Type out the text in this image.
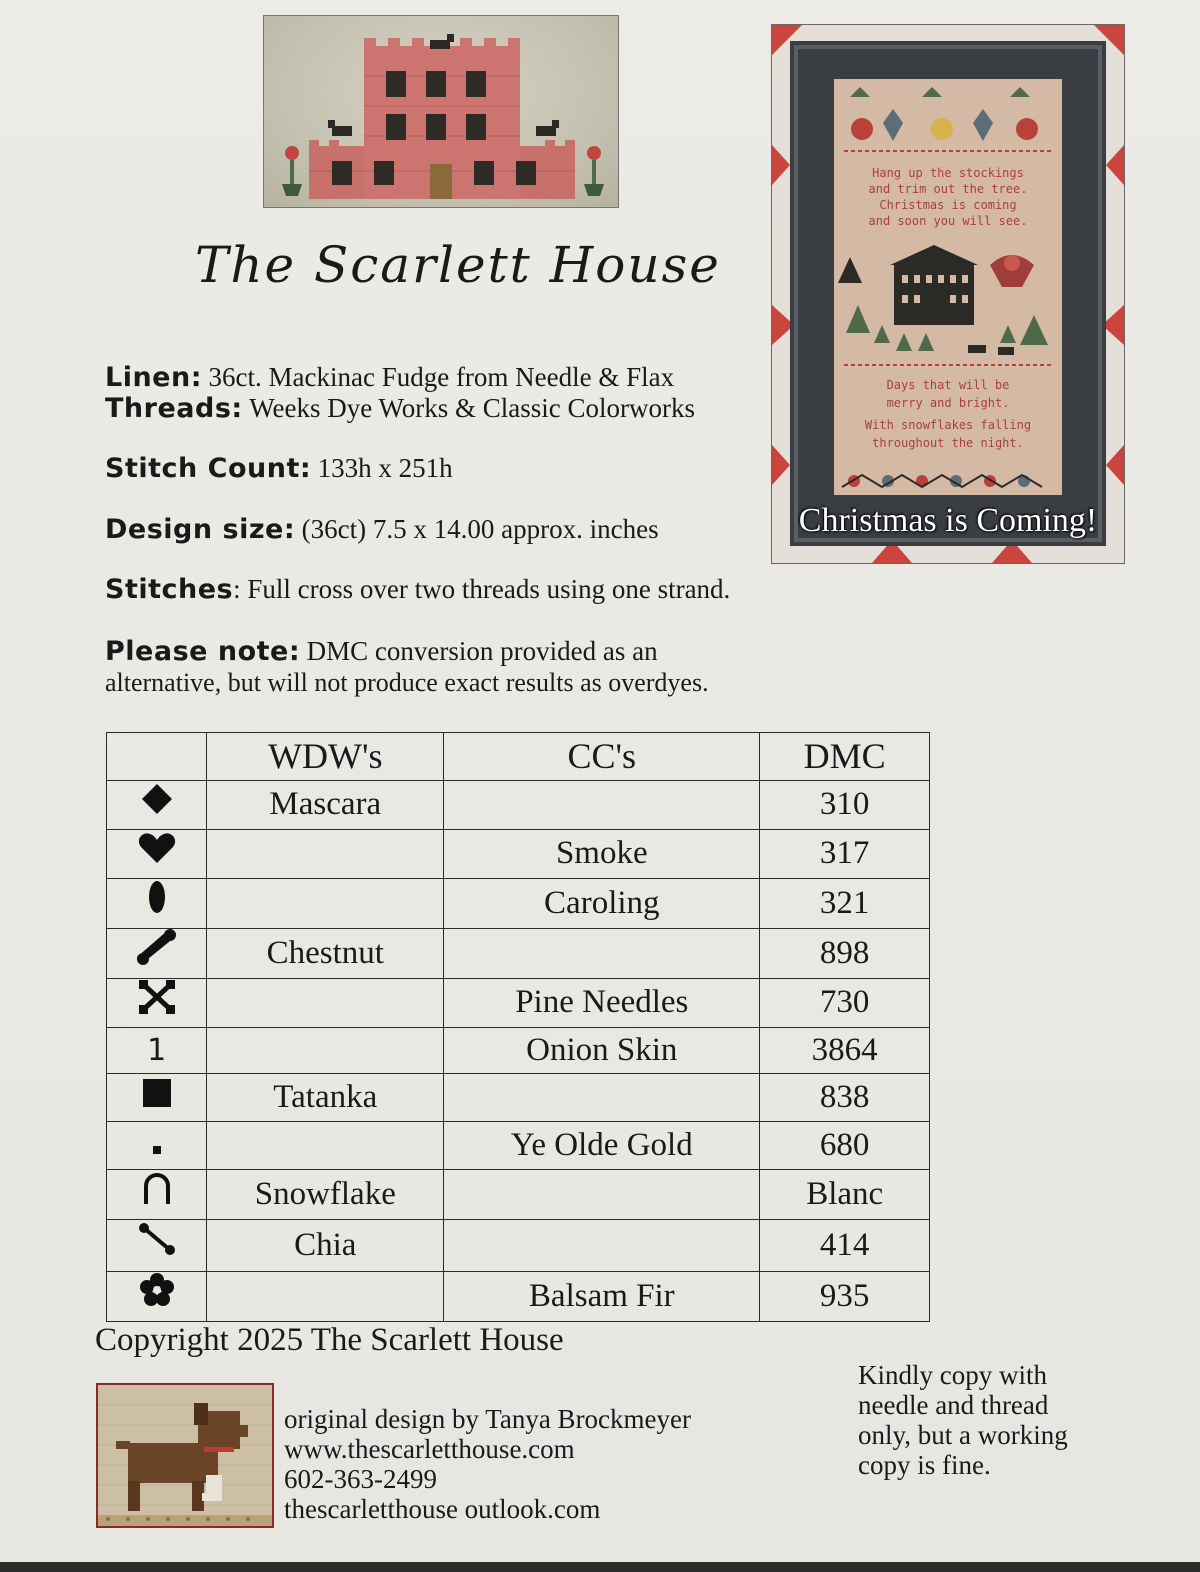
The Scarlett House
Hang up the stockings
and trim out the tree.
Christmas is coming
and soon you will see.
Days that will be
merry and bright.
With snowflakes falling
throughout the night.
Christmas is Coming!
Linen: 36ct. Mackinac Fudge from Needle & Flax
Threads: Weeks Dye Works & Classic Colorworks
Stitch Count: 133h x 251h
Design size: (36ct) 7.5 x 14.00 approx. inches
Stitches: Full cross over two threads using one strand.
Please note: DMC conversion provided as an
alternative, but will not produce exact results as overdyes.
	WDW's	CC's	DMC
	Mascara		310
		Smoke	317
		Caroling	321
	Chestnut		898
		Pine Needles	730
1		Onion Skin	3864
	Tatanka		838
		Ye Olde Gold	680
	Snowflake		Blanc
	Chia		414
		Balsam Fir	935
Copyright 2025 The Scarlett House
original design by Tanya Brockmeyer
www.thescarletthouse.com
602-363-2499
thescarletthouse outlook.com
Kindly copy with
needle and thread
only, but a working
copy is fine.
